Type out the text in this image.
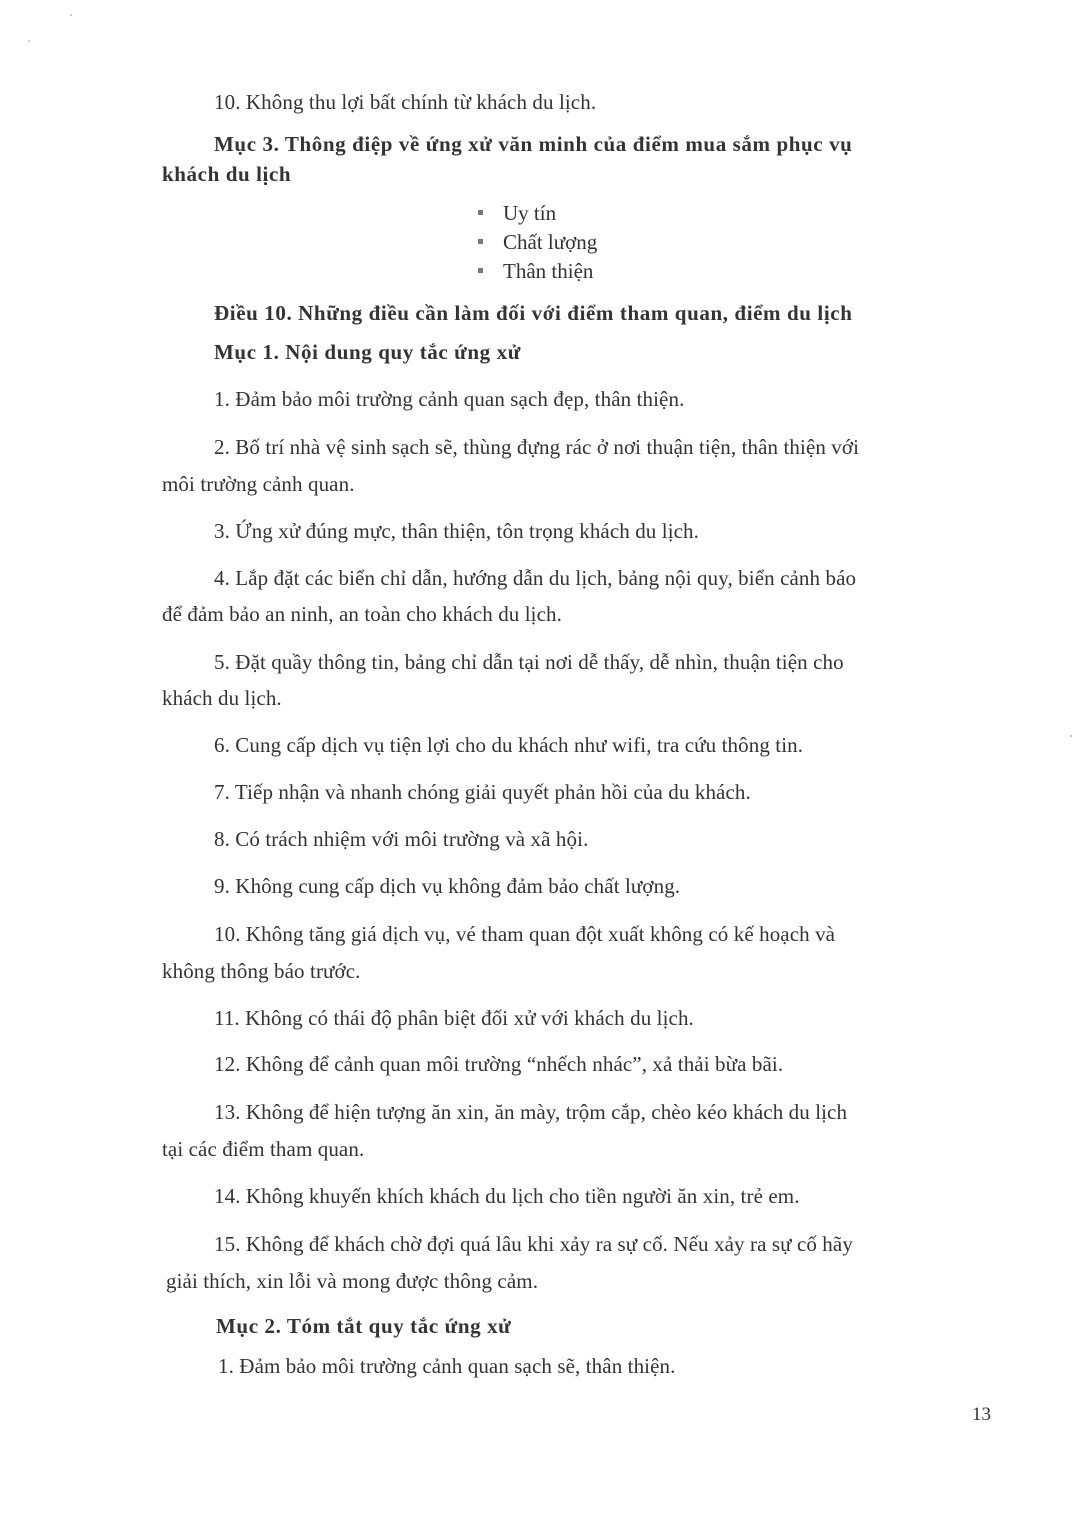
10. Không thu lợi bất chính từ khách du lịch.
Mục 3. Thông điệp về ứng xử văn minh của điểm mua sắm phục vụ
khách du lịch
Uy tín
Chất lượng
Thân thiện
Điều 10. Những điều cần làm đối với điểm tham quan, điểm du lịch
Mục 1. Nội dung quy tắc ứng xử
1. Đảm bảo môi trường cảnh quan sạch đẹp, thân thiện.
2. Bố trí nhà vệ sinh sạch sẽ, thùng đựng rác ở nơi thuận tiện, thân thiện với
môi trường cảnh quan.
3. Ứng xử đúng mực, thân thiện, tôn trọng khách du lịch.
4. Lắp đặt các biển chỉ dẫn, hướng dẫn du lịch, bảng nội quy, biển cảnh báo
để đảm bảo an ninh, an toàn cho khách du lịch.
5. Đặt quầy thông tin, bảng chỉ dẫn tại nơi dễ thấy, dễ nhìn, thuận tiện cho
khách du lịch.
6. Cung cấp dịch vụ tiện lợi cho du khách như wifi, tra cứu thông tin.
7. Tiếp nhận và nhanh chóng giải quyết phản hồi của du khách.
8. Có trách nhiệm với môi trường và xã hội.
9. Không cung cấp dịch vụ không đảm bảo chất lượng.
10. Không tăng giá dịch vụ, vé tham quan đột xuất không có kế hoạch và
không thông báo trước.
11. Không có thái độ phân biệt đối xử với khách du lịch.
12. Không để cảnh quan môi trường “nhếch nhác”, xả thải bừa bãi.
13. Không để hiện tượng ăn xin, ăn mày, trộm cắp, chèo kéo khách du lịch
tại các điểm tham quan.
14. Không khuyến khích khách du lịch cho tiền người ăn xin, trẻ em.
15. Không để khách chờ đợi quá lâu khi xảy ra sự cố. Nếu xảy ra sự cố hãy
giải thích, xin lỗi và mong được thông cảm.
Mục 2. Tóm tắt quy tắc ứng xử
1. Đảm bảo môi trường cảnh quan sạch sẽ, thân thiện.
13
